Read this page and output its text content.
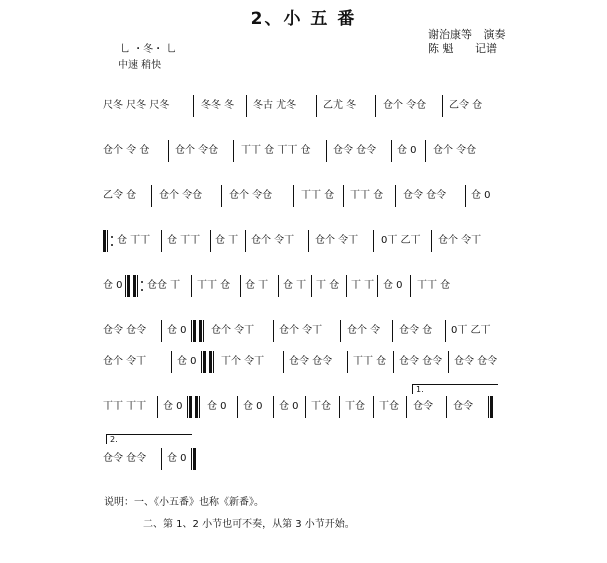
2、小 五 番
谢治康等 演奏
陈 魁 记谱
乚 ・冬・ 乚
中速 稍快
尺冬 尺冬 尺冬	冬冬 冬 冬古 尤冬	乙尤 冬	仓个 令仓 乙令 仓
仓个 令 仓	仓个 令仓 丅丅 仓 丅丅 仓 仓令 仓令 仓 0 仓个 令仓
乙令 仓 仓个 令仓	仓个 令仓	丅丅 仓 丅丅 仓 仓令 仓令 仓 0
仓 丅丅 仓 丅丅 仓 丅 仓个 令丅 仓个 令丅 0丅 乙丅 仓个 令丅
仓 0 仓仓 丅 丅丅 仓 仓 丅 仓 丅 丅 仓 丅 丅 仓 0 丅丅 仓
仓令 仓令 仓 0 仓个 令丅 仓个 令丅 仓个 令 仓令 仓 0丅 乙丅
仓个 令丅	仓 0 丅个 令丅 仓令 仓令 丅丅 仓 仓令 仓令 仓令 仓令
1.
丅丅 丅丅 仓 0 仓 0 仓 0 仓 0 丅仓 丅仓 丅仓 仓令 仓令
2.
仓令 仓令 仓 0
说明：一、《小五番》也称《新番》。
二、第 1、2 小节也可不奏，从第 3 小节开始。
